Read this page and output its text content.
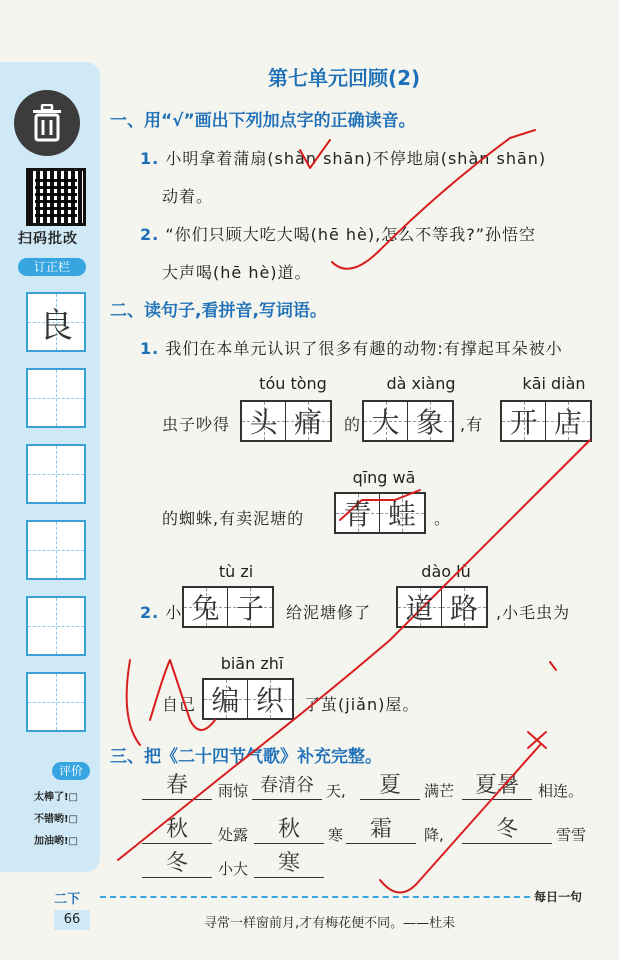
扫码批改
订正栏
良
评价
太棒了!□
不错哟!□
加油哟!□
第七单元回顾(2)
一、用“√”画出下列加点字的正确读音。
1. 小明拿着蒲扇(shàn shān)不停地扇(shàn shān)
动着。
2. “你们只顾大吃大喝(hē hè),怎么不等我?”孙悟空
大声喝(hē hè)道。
二、读句子,看拼音,写词语。
1. 我们在本单元认识了很多有趣的动物:有撑起耳朵被小
tóu tòng	dà xiàng	kāi diàn
虫子吵得 头 痛	的 大 象	,有 开 店
qīng wā
的蜘蛛,有卖泥塘的 青 蛙	。
tù zi	dào lù
2. 小 兔 子	给泥塘修了 道 路	,小毛虫为
biān zhī
自己 编 织	了茧(jiǎn)屋。
三、把《二十四节气歌》补充完整。
春	雨惊 春清谷 天,	夏	满芒 夏暑	相连。
秋	处露	秋	寒	霜	降,	冬	雪雪
冬	小大	寒
二下
66
每日一句
寻常一样窗前月,才有梅花便不同。——杜耒
